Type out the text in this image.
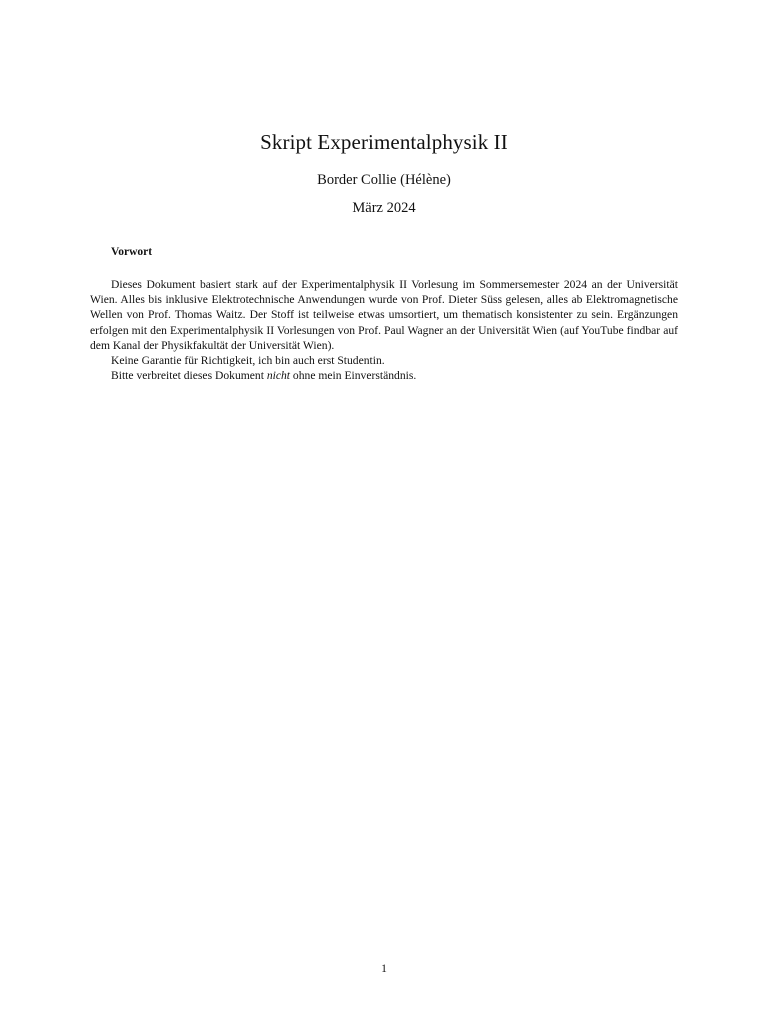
Skript Experimentalphysik II
Border Collie (Hélène)
März 2024
Vorwort

Dieses Dokument basiert stark auf der Experimentalphysik II Vorlesung im Sommersemester 2024 an der Universität Wien. Alles bis inklusive Elektrotechnische Anwendungen wurde von Prof. Dieter Süss gelesen, alles ab Elektromagnetische Wellen von Prof. Thomas Waitz. Der Stoff ist teilweise etwas umsortiert, um thematisch konsistenter zu sein. Ergänzungen erfolgen mit den Experimentalphysik II Vorlesungen von Prof. Paul Wagner an der Universität Wien (auf YouTube findbar auf dem Kanal der Physikfakultät der Universität Wien).

Keine Garantie für Richtigkeit, ich bin auch erst Studentin.

Bitte verbreitet dieses Dokument nicht ohne mein Einverständnis.

1
